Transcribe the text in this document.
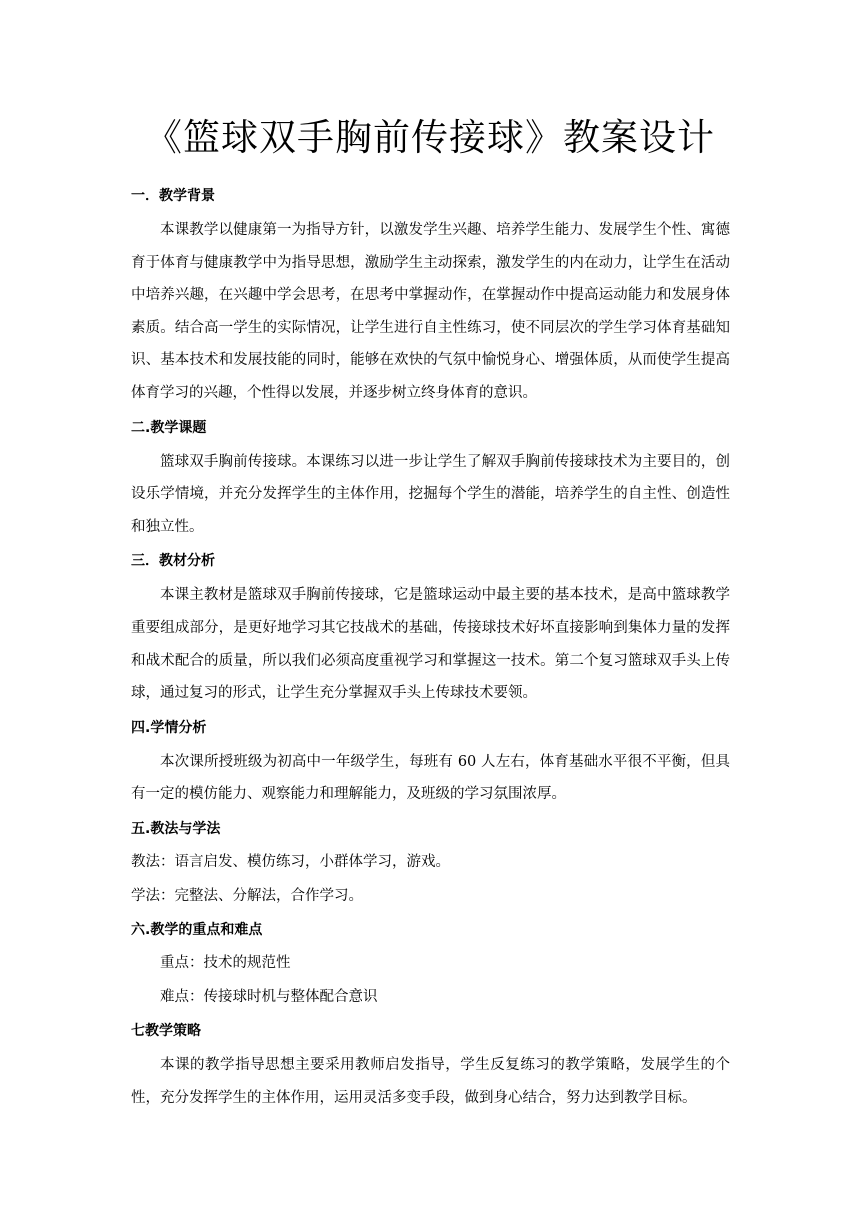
《篮球双手胸前传接球》教案设计
一．教学背景

本课教学以健康第一为指导方针，以激发学生兴趣、培养学生能力、发展学生个性、寓德育于体育与健康教学中为指导思想，激励学生主动探索，激发学生的内在动力，让学生在活动中培养兴趣，在兴趣中学会思考，在思考中掌握动作，在掌握动作中提高运动能力和发展身体素质。结合高一学生的实际情况，让学生进行自主性练习，使不同层次的学生学习体育基础知识、基本技术和发展技能的同时，能够在欢快的气氛中愉悦身心、增强体质，从而使学生提高体育学习的兴趣，个性得以发展，并逐步树立终身体育的意识。

二.教学课题

篮球双手胸前传接球。本课练习以进一步让学生了解双手胸前传接球技术为主要目的，创设乐学情境，并充分发挥学生的主体作用，挖掘每个学生的潜能，培养学生的自主性、创造性和独立性。

三．教材分析

本课主教材是篮球双手胸前传接球，它是篮球运动中最主要的基本技术，是高中篮球教学重要组成部分，是更好地学习其它技战术的基础，传接球技术好坏直接影响到集体力量的发挥和战术配合的质量，所以我们必须高度重视学习和掌握这一技术。第二个复习篮球双手头上传球，通过复习的形式，让学生充分掌握双手头上传球技术要领。

四.学情分析

本次课所授班级为初高中一年级学生，每班有 60 人左右，体育基础水平很不平衡，但具有一定的模仿能力、观察能力和理解能力，及班级的学习氛围浓厚。

五.教法与学法

教法：语言启发、模仿练习，小群体学习，游戏。

学法：完整法、分解法，合作学习。

六.教学的重点和难点

重点：技术的规范性

难点：传接球时机与整体配合意识

七教学策略

本课的教学指导思想主要采用教师启发指导，学生反复练习的教学策略，发展学生的个性，充分发挥学生的主体作用，运用灵活多变手段，做到身心结合，努力达到教学目标。
